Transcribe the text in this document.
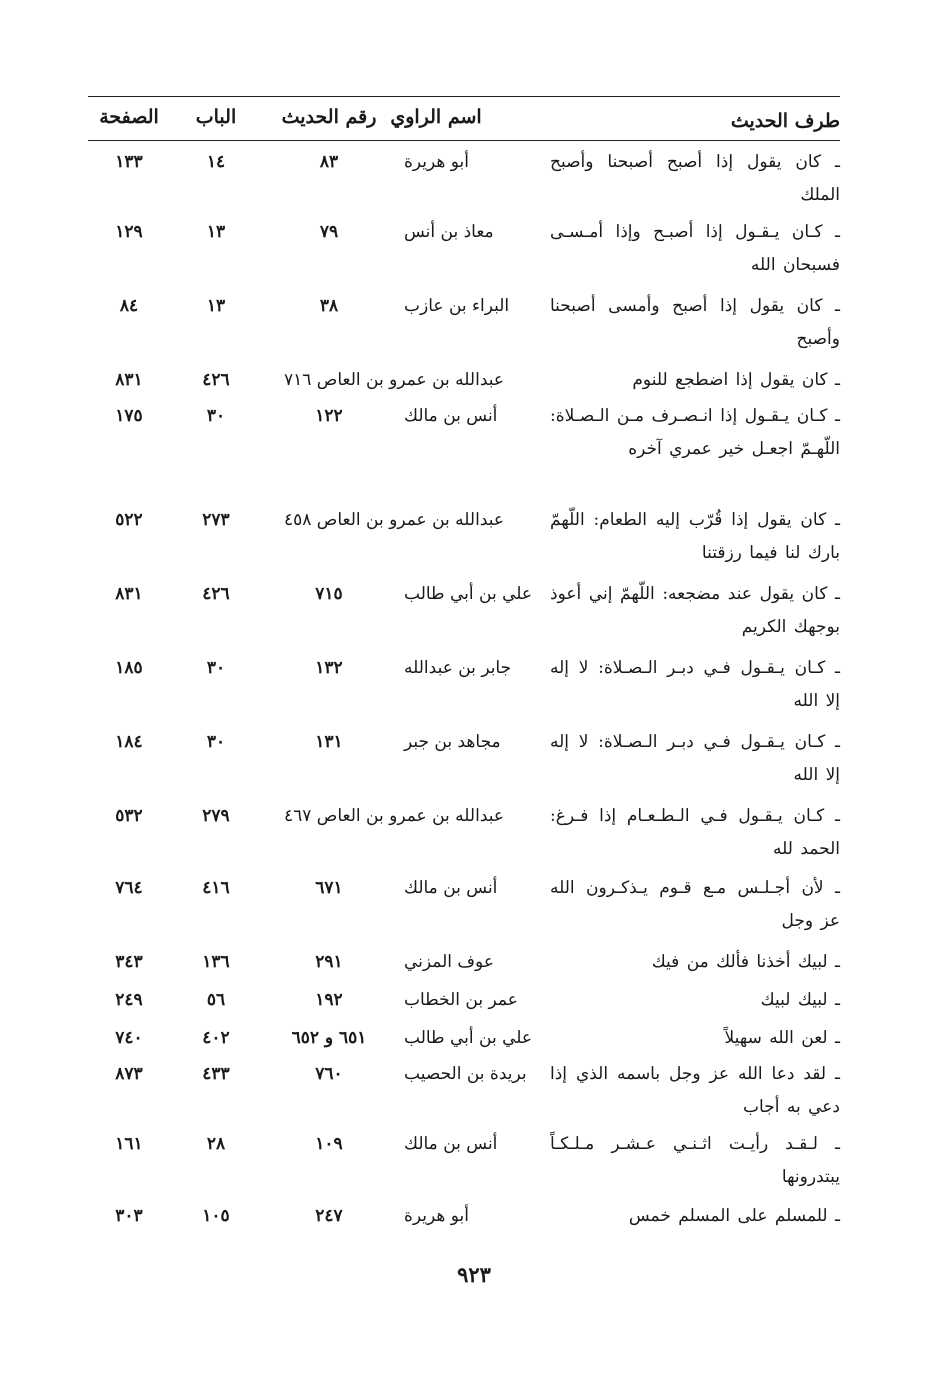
طرف الحديث
اسم الراوي
رقم الحديث
الباب
الصفحة
ـ كان يقول إذا أصبح أصبحنا وأصبح الملك
أبو هريرة
٨٣
١٤
١٣٣
ـ كـان يـقـول إذا أصبـح وإذا أمـسـى فسبحان الله
معاذ بن أنس
٧٩
١٣
١٢٩
ـ كان يقول إذا أصبح وأمسى أصبحنا وأصبح
البراء بن عازب
٣٨
١٣
٨٤
ـ كان يقول إذا اضطجع للنوم
عبدالله بن عمرو بن العاص ٧١٦
٤٢٦
٨٣١
ـ كـان يـقـول إذا انـصـرف مـن الـصـلاة: اللّهـمّ اجعـل خير عمري آخره
أنس بن مالك
١٢٢
٣٠
١٧٥
ـ كان يقول إذا قُرّب إليه الطعام: اللّهمّ بارك لنا فيما رزقتنا
عبدالله بن عمرو بن العاص ٤٥٨
٢٧٣
٥٢٢
ـ كان يقول عند مضجعه: اللّهمّ إني أعوذ بوجهك الكريم
علي بن أبي طالب
٧١٥
٤٢٦
٨٣١
ـ كـان يـقـول فـي دبـر الـصـلاة: لا إله إلا الله
جابر بن عبدالله
١٣٢
٣٠
١٨٥
ـ كـان يـقـول فـي دبـر الـصـلاة: لا إله إلا الله
مجاهد بن جبر
١٣١
٣٠
١٨٤
ـ كـان يـقـول فـي الـطـعـام إذا فـرغ: الحمد لله
عبدالله بن عمرو بن العاص ٤٦٧
٢٧٩
٥٣٢
ـ لأن أجـلـس مـع قـوم يـذكـرون الله عز وجل
أنس بن مالك
٦٧١
٤١٦
٧٦٤
ـ لبيك أخذنا فألك من فيك
عوف المزني
٢٩١
١٣٦
٣٤٣
ـ لبيك لبيك
عمر بن الخطاب
١٩٢
٥٦
٢٤٩
ـ لعن الله سهيلاً
علي بن أبي طالب
٦٥١ و ٦٥٢
٤٠٢
٧٤٠
ـ لقد دعا الله عز وجل باسمه الذي إذا دعي به أجاب
بريدة بن الحصيب
٧٦٠
٤٣٣
٨٧٣
ـ لـقـد رأيـت اثـنـي عـشـر مـلـكـاً يبتدرونها
أنس بن مالك
١٠٩
٢٨
١٦١
ـ للمسلم على المسلم خمس
أبو هريرة
٢٤٧
١٠٥
٣٠٣
٩٢٣
